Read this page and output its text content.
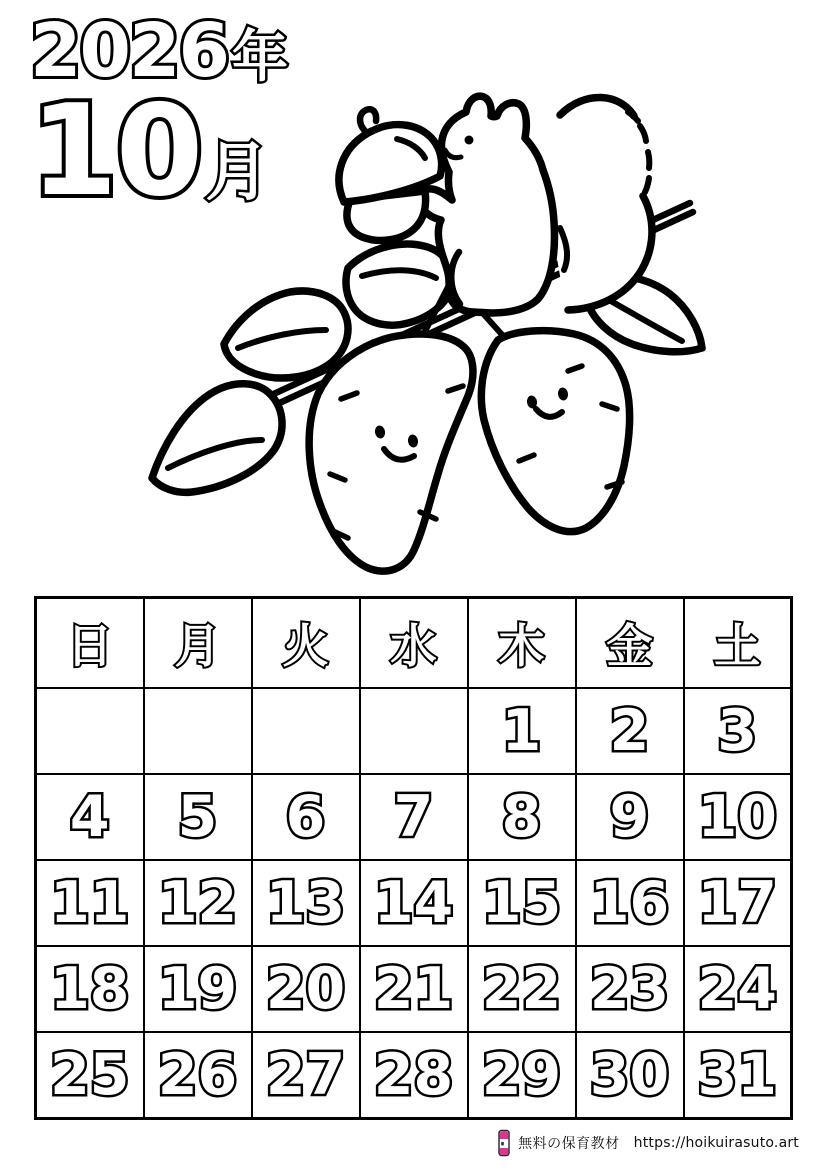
2026年
10月
日	月	火	水	木	金	土
				1	2	3
4	5	6	7	8	9	10
11	12	13	14	15	16	17
18	19	20	21	22	23	24
25	26	27	28	29	30	31
無料の保育教材 https://hoikuirasuto.art
